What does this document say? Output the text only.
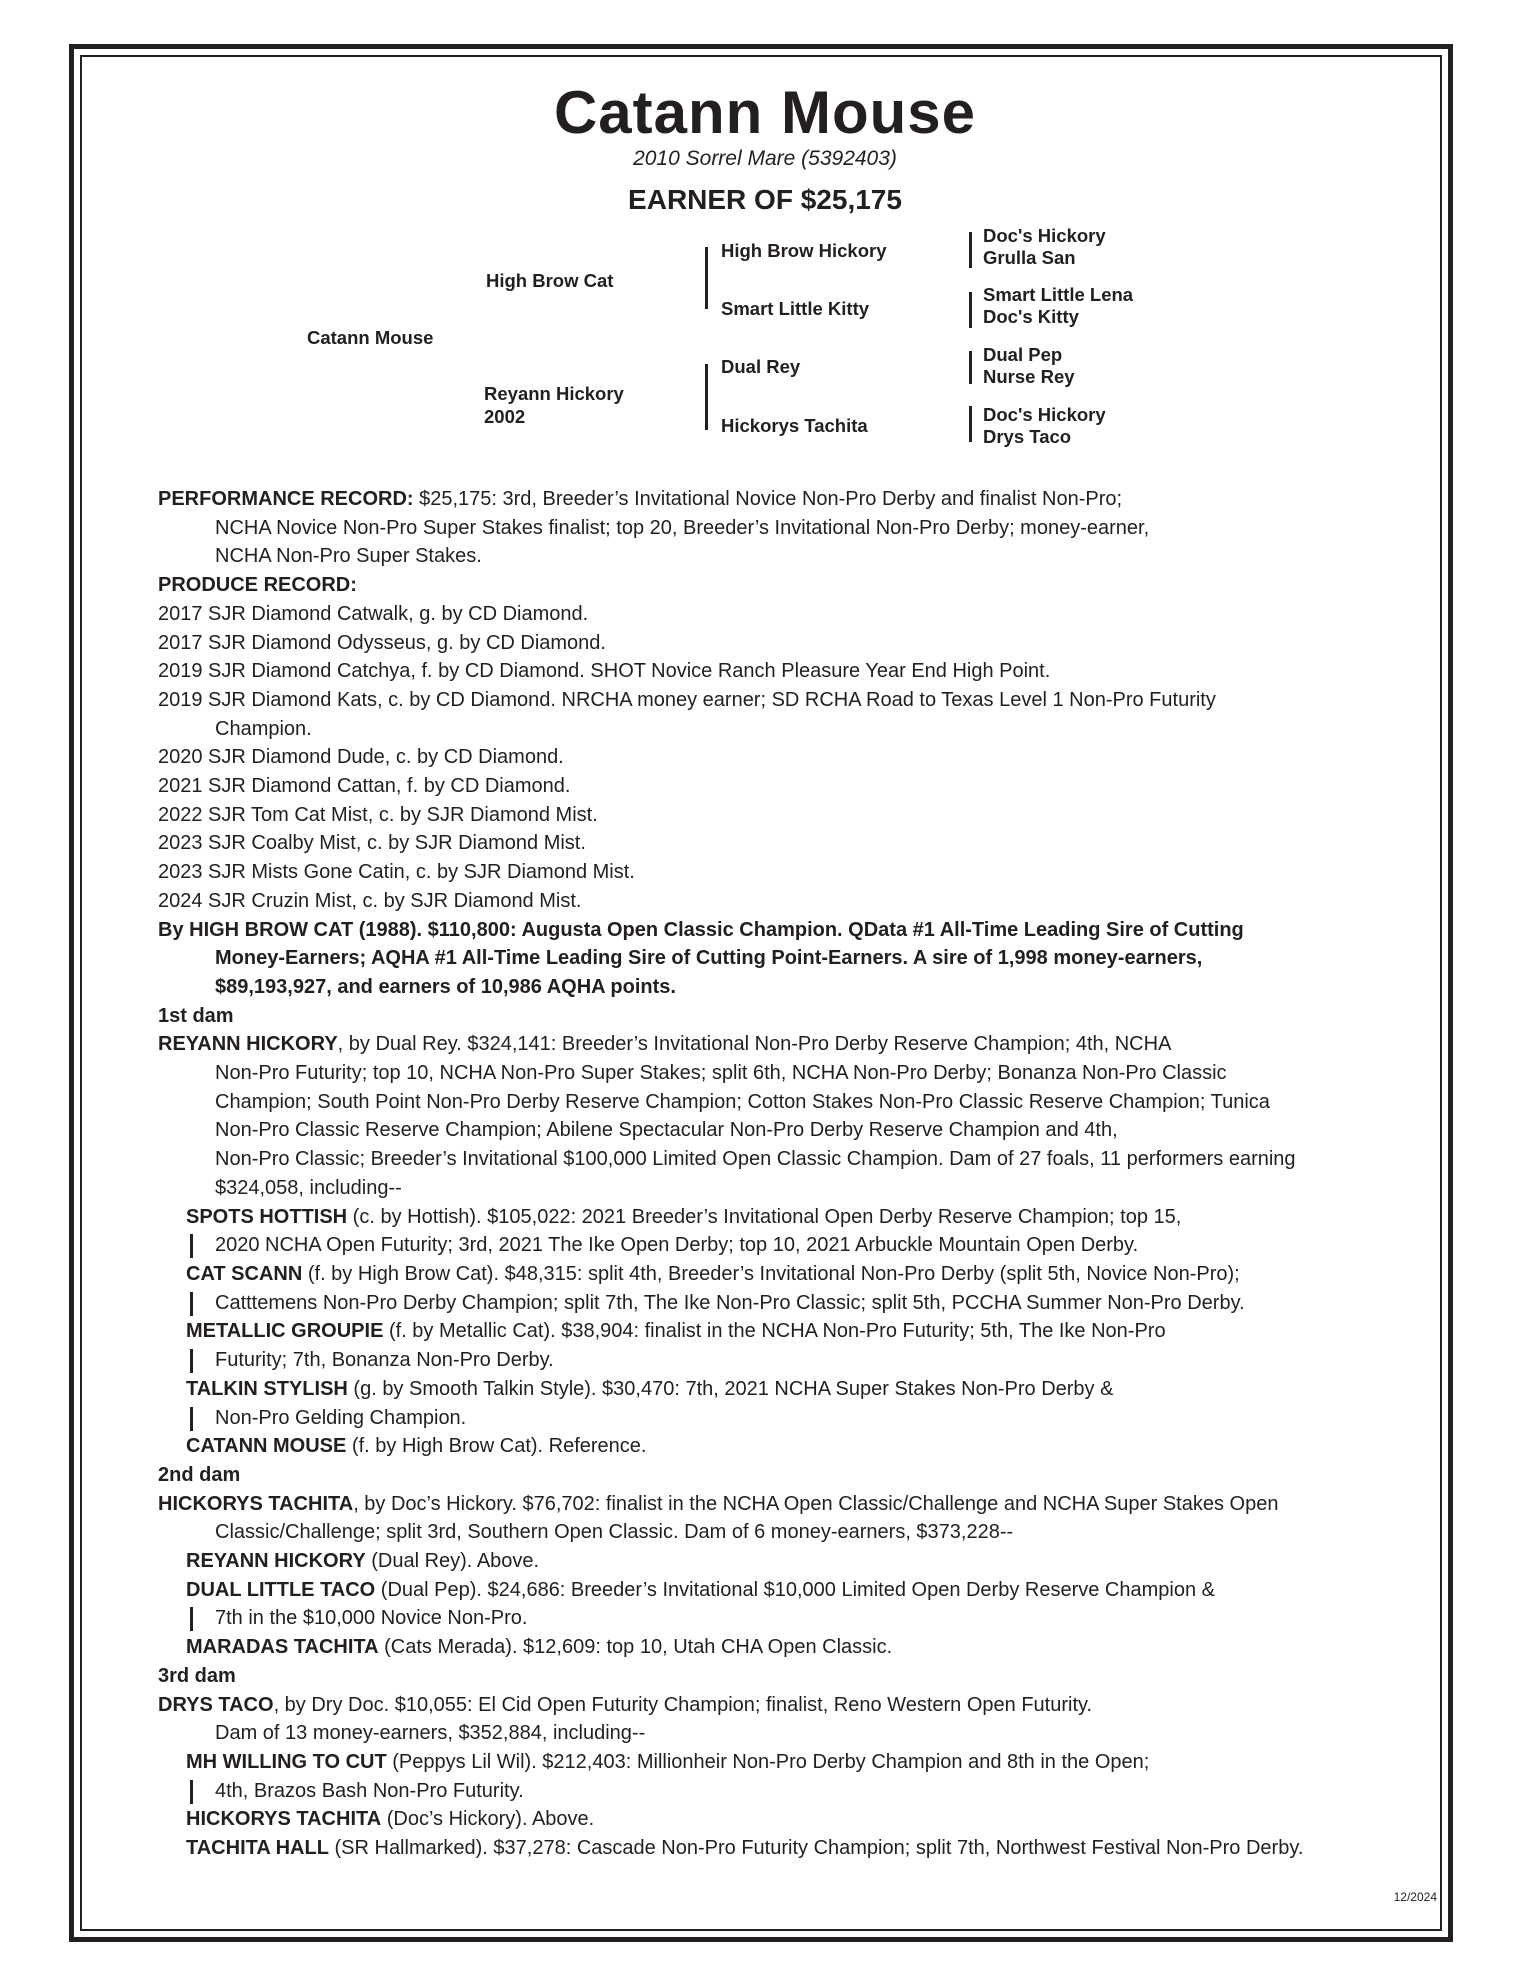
Catann Mouse
2010 Sorrel Mare (5392403)
EARNER OF $25,175
Catann Mouse
High Brow Cat
Reyann Hickory
2002
High Brow Hickory
Smart Little Kitty
Dual Rey
Hickorys Tachita
Doc's Hickory
Grulla San
Smart Little Lena
Doc's Kitty
Dual Pep
Nurse Rey
Doc's Hickory
Drys Taco
PERFORMANCE RECORD: $25,175: 3rd, Breeder’s Invitational Novice Non-Pro Derby and finalist Non-Pro;
NCHA Novice Non-Pro Super Stakes finalist; top 20, Breeder’s Invitational Non-Pro Derby; money-earner,
NCHA Non-Pro Super Stakes.
PRODUCE RECORD:
2017 SJR Diamond Catwalk, g. by CD Diamond.
2017 SJR Diamond Odysseus, g. by CD Diamond.
2019 SJR Diamond Catchya, f. by CD Diamond. SHOT Novice Ranch Pleasure Year End High Point.
2019 SJR Diamond Kats, c. by CD Diamond. NRCHA money earner; SD RCHA Road to Texas Level 1 Non-Pro Futurity
Champion.
2020 SJR Diamond Dude, c. by CD Diamond.
2021 SJR Diamond Cattan, f. by CD Diamond.
2022 SJR Tom Cat Mist, c. by SJR Diamond Mist.
2023 SJR Coalby Mist, c. by SJR Diamond Mist.
2023 SJR Mists Gone Catin, c. by SJR Diamond Mist.
2024 SJR Cruzin Mist, c. by SJR Diamond Mist.
By HIGH BROW CAT (1988). $110,800: Augusta Open Classic Champion. QData #1 All-Time Leading Sire of Cutting
Money-Earners; AQHA #1 All-Time Leading Sire of Cutting Point-Earners. A sire of 1,998 money-earners,
$89,193,927, and earners of 10,986 AQHA points.
1st dam
REYANN HICKORY, by Dual Rey. $324,141: Breeder’s Invitational Non-Pro Derby Reserve Champion; 4th, NCHA
Non-Pro Futurity; top 10, NCHA Non-Pro Super Stakes; split 6th, NCHA Non-Pro Derby; Bonanza Non-Pro Classic
Champion; South Point Non-Pro Derby Reserve Champion; Cotton Stakes Non-Pro Classic Reserve Champion; Tunica
Non-Pro Classic Reserve Champion; Abilene Spectacular Non-Pro Derby Reserve Champion and 4th,
Non-Pro Classic; Breeder’s Invitational $100,000 Limited Open Classic Champion. Dam of 27 foals, 11 performers earning
$324,058, including--
SPOTS HOTTISH (c. by Hottish). $105,022: 2021 Breeder’s Invitational Open Derby Reserve Champion; top 15,
2020 NCHA Open Futurity; 3rd, 2021 The Ike Open Derby; top 10, 2021 Arbuckle Mountain Open Derby.
CAT SCANN (f. by High Brow Cat). $48,315: split 4th, Breeder’s Invitational Non-Pro Derby (split 5th, Novice Non-Pro);
Catttemens Non-Pro Derby Champion; split 7th, The Ike Non-Pro Classic; split 5th, PCCHA Summer Non-Pro Derby.
METALLIC GROUPIE (f. by Metallic Cat). $38,904: finalist in the NCHA Non-Pro Futurity; 5th, The Ike Non-Pro
Futurity; 7th, Bonanza Non-Pro Derby.
TALKIN STYLISH (g. by Smooth Talkin Style). $30,470: 7th, 2021 NCHA Super Stakes Non-Pro Derby &
Non-Pro Gelding Champion.
CATANN MOUSE (f. by High Brow Cat). Reference.
2nd dam
HICKORYS TACHITA, by Doc’s Hickory. $76,702: finalist in the NCHA Open Classic/Challenge and NCHA Super Stakes Open
Classic/Challenge; split 3rd, Southern Open Classic. Dam of 6 money-earners, $373,228--
REYANN HICKORY (Dual Rey). Above.
DUAL LITTLE TACO (Dual Pep). $24,686: Breeder’s Invitational $10,000 Limited Open Derby Reserve Champion &
7th in the $10,000 Novice Non-Pro.
MARADAS TACHITA (Cats Merada). $12,609: top 10, Utah CHA Open Classic.
3rd dam
DRYS TACO, by Dry Doc. $10,055: El Cid Open Futurity Champion; finalist, Reno Western Open Futurity.
Dam of 13 money-earners, $352,884, including--
MH WILLING TO CUT (Peppys Lil Wil). $212,403: Millionheir Non-Pro Derby Champion and 8th in the Open;
4th, Brazos Bash Non-Pro Futurity.
HICKORYS TACHITA (Doc’s Hickory). Above.
TACHITA HALL (SR Hallmarked). $37,278: Cascade Non-Pro Futurity Champion; split 7th, Northwest Festival Non-Pro Derby.
12/2024
